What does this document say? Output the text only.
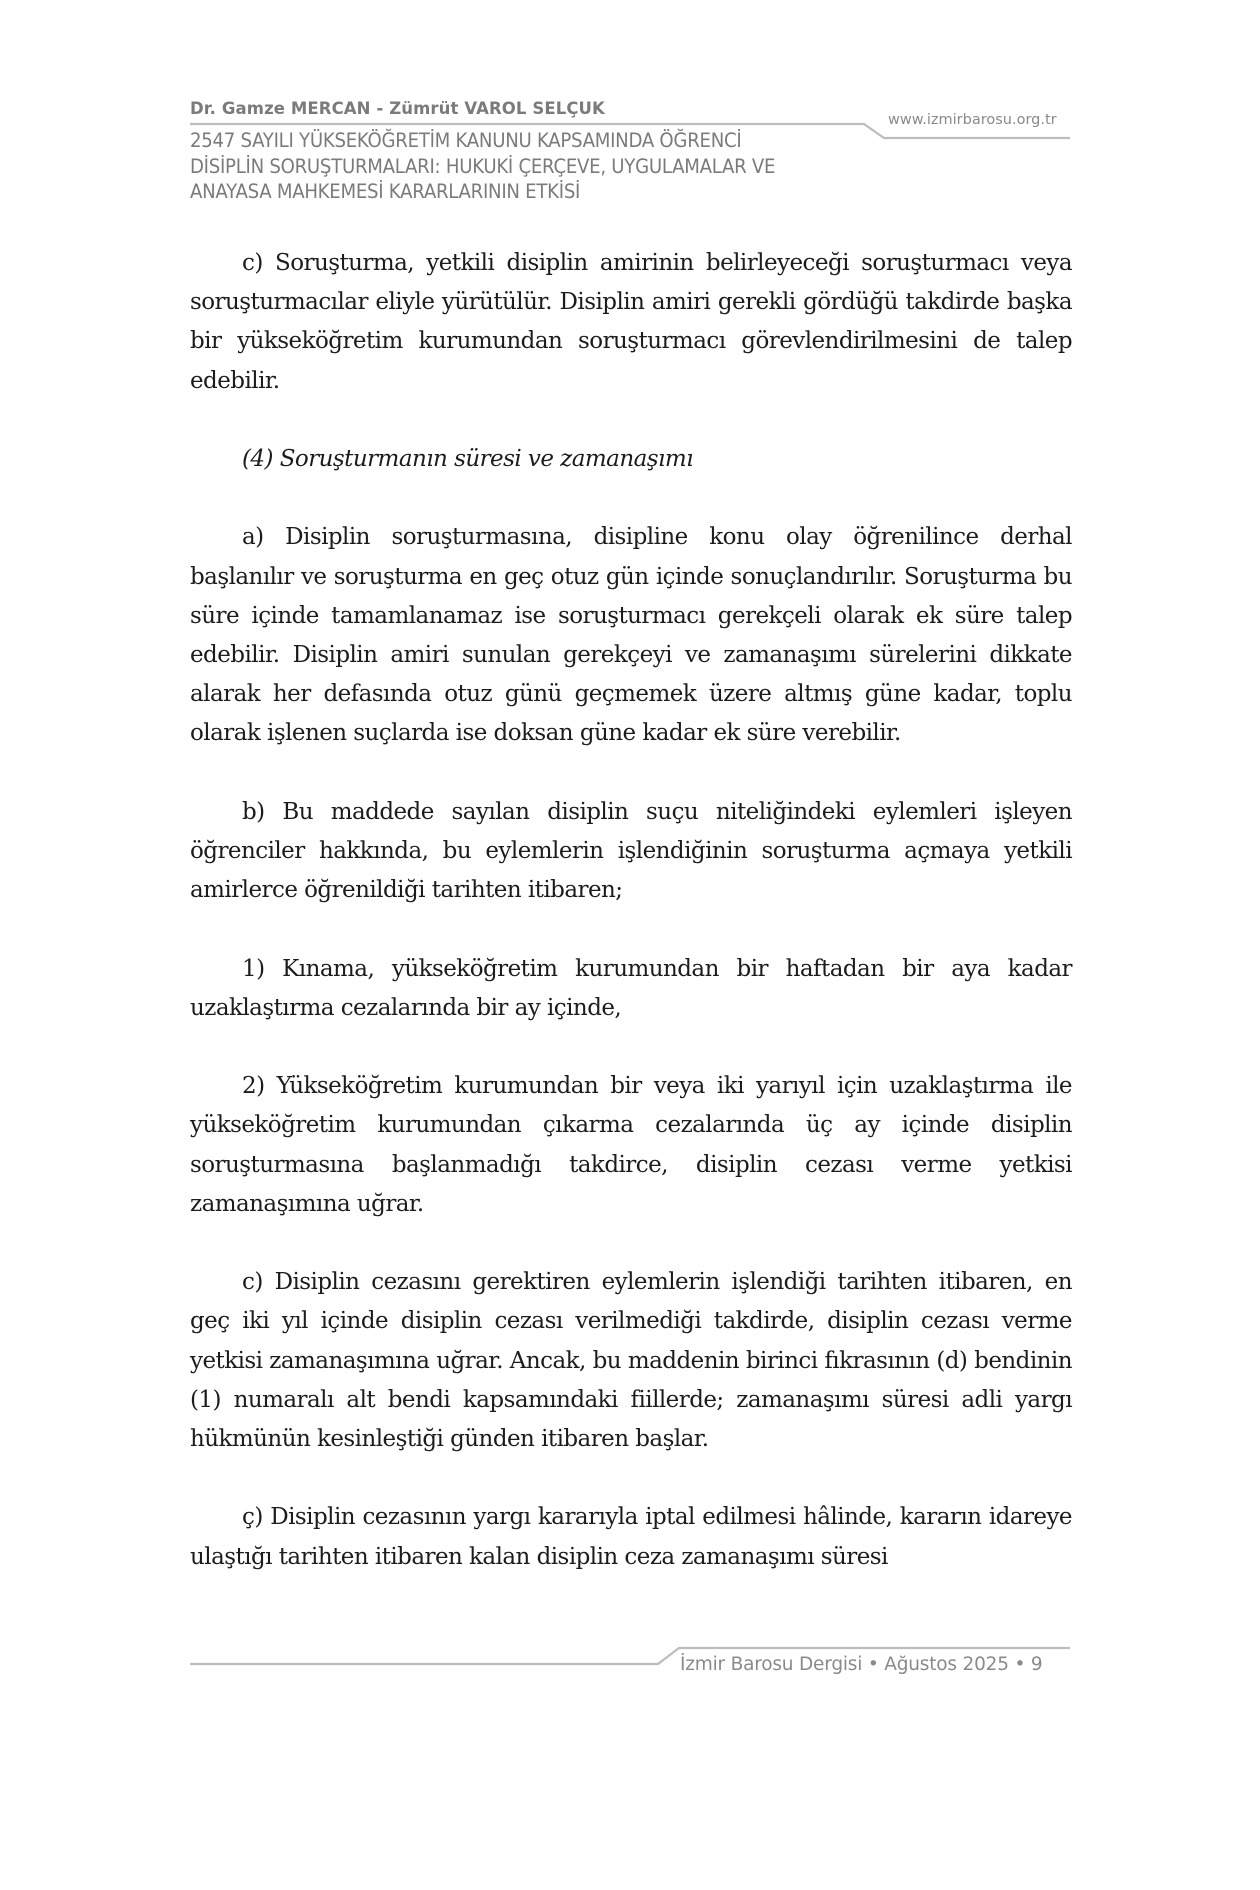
Dr. Gamze MERCAN - Zümrüt VAROL SELÇUK
2547 SAYILI YÜKSEKÖĞRETİM KANUNU KAPSAMINDA ÖĞRENCİ
DİSİPLİN SORUŞTURMALARI: HUKUKİ ÇERÇEVE, UYGULAMALAR VE
ANAYASA MAHKEMESİ KARARLARININ ETKİSİ
www.izmirbarosu.org.tr

c) Soruşturma, yetkili disiplin amirinin belirleyeceği soruşturmacı veya soruşturmacılar eliyle yürütülür. Disiplin amiri gerekli gördüğü takdirde başka bir yükseköğretim kurumundan soruşturmacı görevlendirilmesini de talep edebilir.

(4) Soruşturmanın süresi ve zamanaşımı

a) Disiplin soruşturmasına, disipline konu olay öğrenilince derhal başlanılır ve soruşturma en geç otuz gün içinde sonuçlandırılır. Soruşturma bu süre içinde tamamlanamaz ise soruşturmacı gerekçeli olarak ek süre talep edebilir. Disiplin amiri sunulan gerekçeyi ve zamanaşımı sürelerini dikkate alarak her defasında otuz günü geçmemek üzere altmış güne kadar, toplu olarak işlenen suçlarda ise doksan güne kadar ek süre verebilir.

b) Bu maddede sayılan disiplin suçu niteliğindeki eylemleri işleyen öğrenciler hakkında, bu eylemlerin işlendiğinin soruşturma açmaya yetkili amirlerce öğrenildiği tarihten itibaren;

1) Kınama, yükseköğretim kurumundan bir haftadan bir aya kadar uzaklaştırma cezalarında bir ay içinde,

2) Yükseköğretim kurumundan bir veya iki yarıyıl için uzaklaştırma ile yükseköğretim kurumundan çıkarma cezalarında üç ay içinde disiplin soruşturmasına başlanmadığı takdirce, disiplin cezası verme yetkisi zamanaşımına uğrar.

c) Disiplin cezasını gerektiren eylemlerin işlendiği tarihten itibaren, en geç iki yıl içinde disiplin cezası verilmediği takdirde, disiplin cezası verme yetkisi zamanaşımına uğrar. Ancak, bu maddenin birinci fıkrasının (d) bendinin (1) numaralı alt bendi kapsamındaki fiillerde; zamanaşımı süresi adli yargı hükmünün kesinleştiği günden itibaren başlar.

ç) Disiplin cezasının yargı kararıyla iptal edilmesi hâlinde, kararın idareye ulaştığı tarihten itibaren kalan disiplin ceza zamanaşımı süresi

İzmir Barosu Dergisi • Ağustos 2025 • 9
